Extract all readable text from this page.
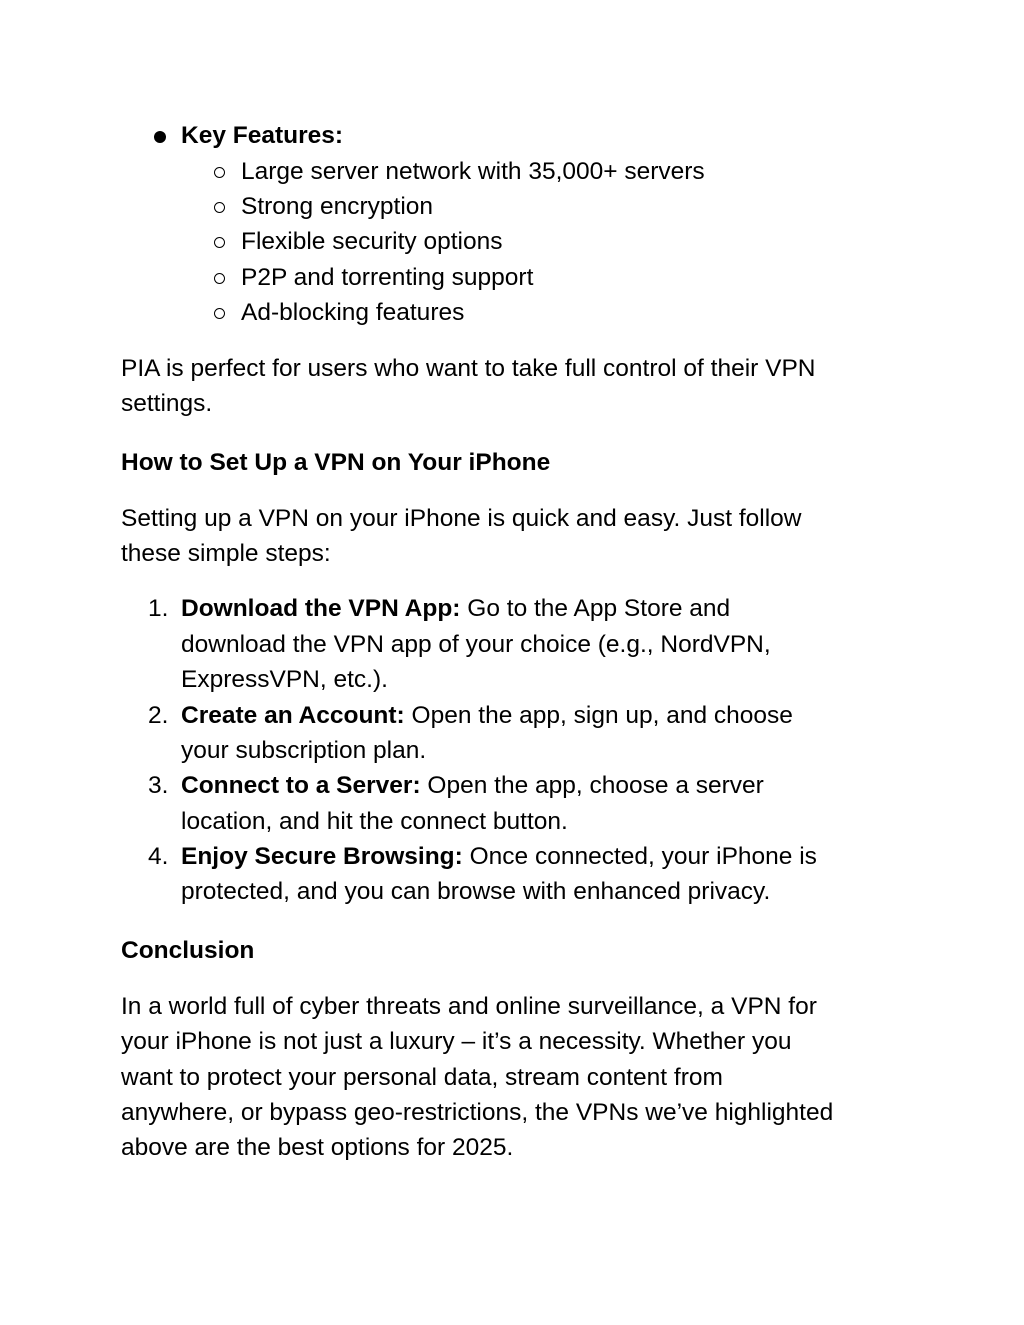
Key Features:
Large server network with 35,000+ servers
Strong encryption
Flexible security options
P2P and torrenting support
Ad-blocking features
PIA is perfect for users who want to take full control of their VPN
settings.
How to Set Up a VPN on Your iPhone
Setting up a VPN on your iPhone is quick and easy. Just follow
these simple steps:
1. Download the VPN App: Go to the App Store and
download the VPN app of your choice (e.g., NordVPN,
ExpressVPN, etc.).
2. Create an Account: Open the app, sign up, and choose
your subscription plan.
3. Connect to a Server: Open the app, choose a server
location, and hit the connect button.
4. Enjoy Secure Browsing: Once connected, your iPhone is
protected, and you can browse with enhanced privacy.
Conclusion
In a world full of cyber threats and online surveillance, a VPN for
your iPhone is not just a luxury – it’s a necessity. Whether you
want to protect your personal data, stream content from
anywhere, or bypass geo-restrictions, the VPNs we’ve highlighted
above are the best options for 2025.
